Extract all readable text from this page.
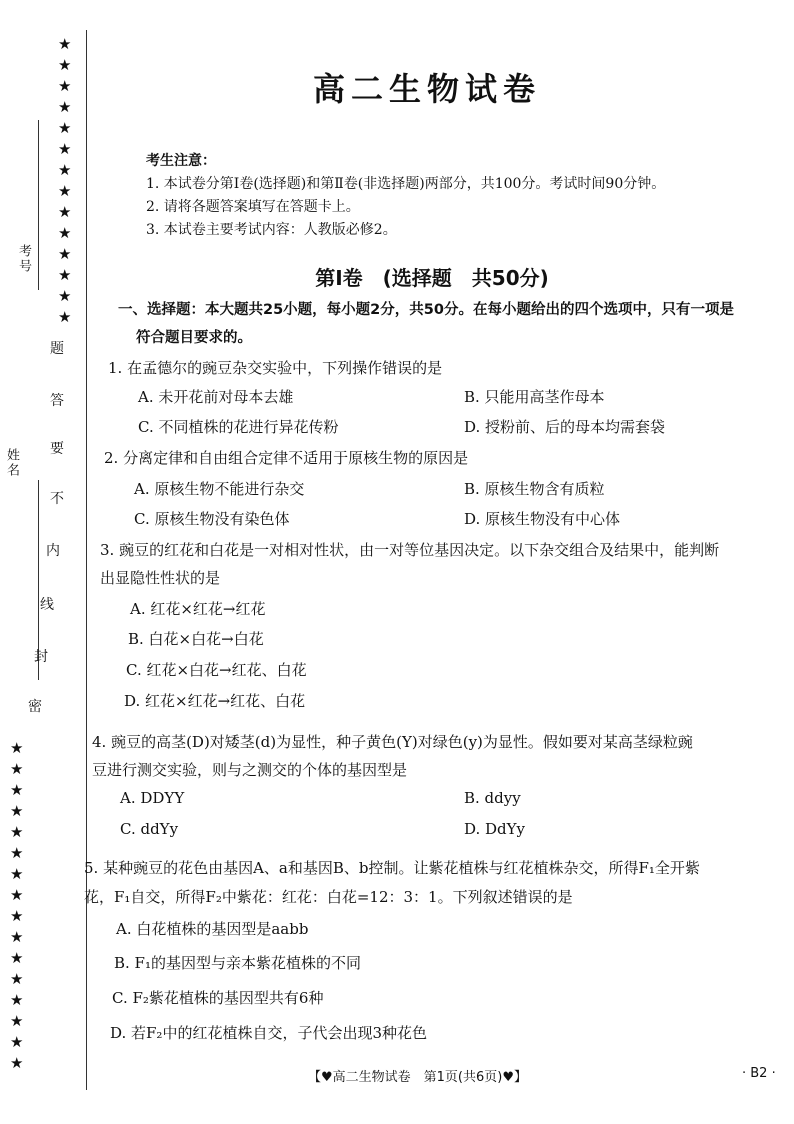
★
★
★
★
★
★
★
★
★
★
★
★
★
★
★
★
★
★
★
★
★
★
★
★
★
★
★
★
★
★
考号
姓名
题
答
要
不
内
线
封
密
高二生物试卷
考生注意：
1. 本试卷分第Ⅰ卷(选择题)和第Ⅱ卷(非选择题)两部分，共100分。考试时间90分钟。
2. 请将各题答案填写在答题卡上。
3. 本试卷主要考试内容：人教版必修2。
第Ⅰ卷　(选择题　共50分)
一、选择题：本大题共25小题，每小题2分，共50分。在每小题给出的四个选项中，只有一项是
符合题目要求的。
1. 在孟德尔的豌豆杂交实验中，下列操作错误的是
A. 未开花前对母本去雄	B. 只能用高茎作母本
C. 不同植株的花进行异花传粉	D. 授粉前、后的母本均需套袋
2. 分离定律和自由组合定律不适用于原核生物的原因是
A. 原核生物不能进行杂交	B. 原核生物含有质粒
C. 原核生物没有染色体	D. 原核生物没有中心体
3. 豌豆的红花和白花是一对相对性状，由一对等位基因决定。以下杂交组合及结果中，能判断
出显隐性性状的是
A. 红花×红花→红花
B. 白花×白花→白花
C. 红花×白花→红花、白花
D. 红花×红花→红花、白花
4. 豌豆的高茎(D)对矮茎(d)为显性，种子黄色(Y)对绿色(y)为显性。假如要对某高茎绿粒豌
豆进行测交实验，则与之测交的个体的基因型是
A. DDYY	B. ddyy
C. ddYy	D. DdYy
5. 某种豌豆的花色由基因A、a和基因B、b控制。让紫花植株与红花植株杂交，所得F₁全开紫
花，F₁自交，所得F₂中紫花：红花：白花=12：3：1。下列叙述错误的是
A. 白花植株的基因型是aabb
B. F₁的基因型与亲本紫花植株的不同
C. F₂紫花植株的基因型共有6种
D. 若F₂中的红花植株自交，子代会出现3种花色
【♥高二生物试卷　第1页(共6页)♥】	· B2 ·
